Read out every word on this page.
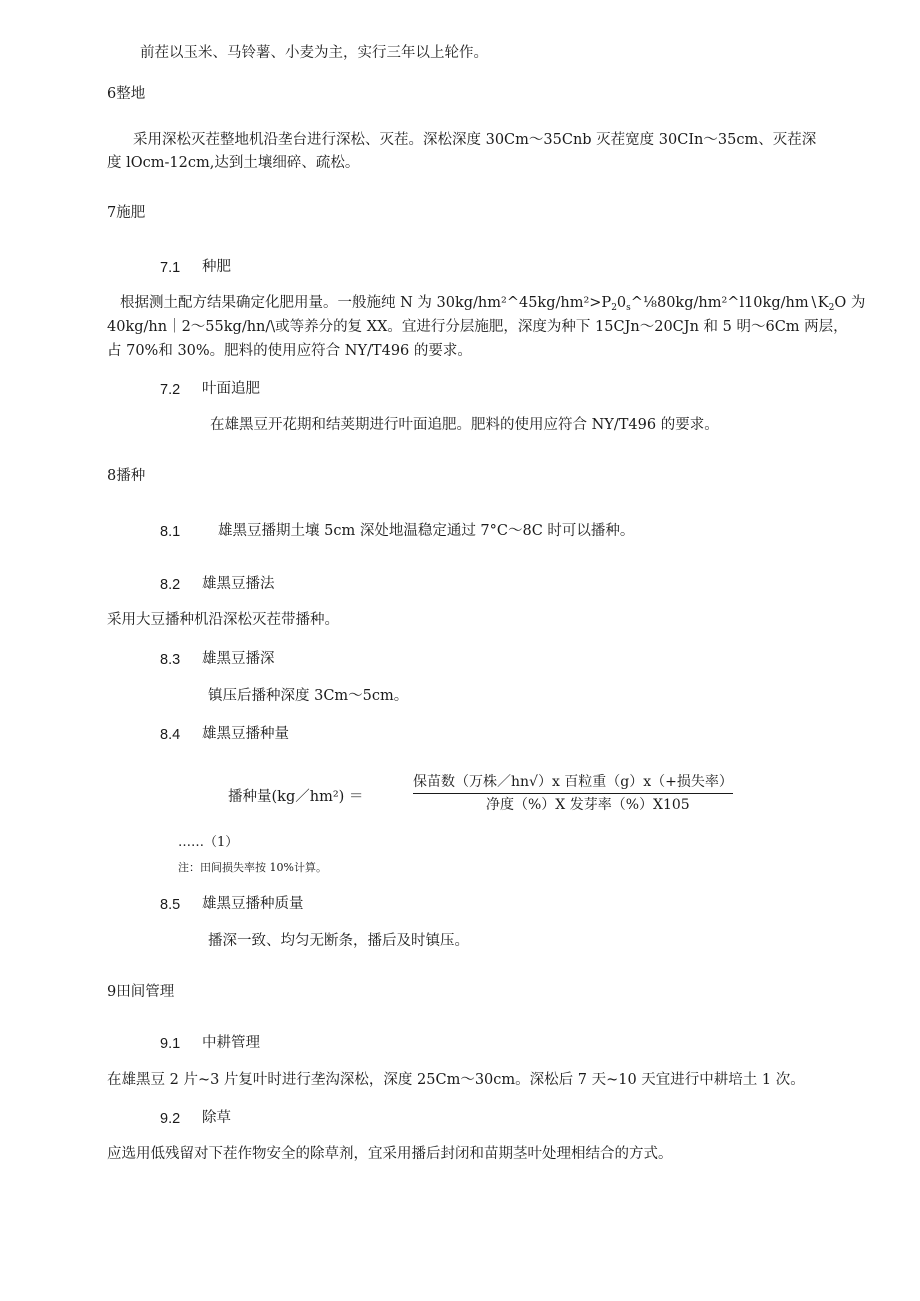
前茬以玉米、马铃薯、小麦为主，实行三年以上轮作。
6整地
采用深松灭茬整地机沿垄台进行深松、灭茬。深松深度 30Cm～35Cnb 灭茬宽度 30CIn～35cm、灭茬深
度 lOcm-12cm,达到土壤细碎、疏松。
7施肥
7.1 种肥
根据测土配方结果确定化肥用量。一般施纯 N 为 $30kg∕hm^2\^{}45kg∕hm^2>P_20_s\^{}\frac{1}{8}80kg∕hm^2\^{}l10kg∕hm∖K_2O$ 为
40kg∕hn｜2～55kg∕hn∕\或等养分的复 XX。宜进行分层施肥，深度为种下 15CJn～20CJn 和 5 明～6Cm 两层，
占 70%和 30%。肥料的使用应符合 NY/T496 的要求。
7.2 叶面追肥
在雄黑豆开花期和结荚期进行叶面追肥。肥料的使用应符合 NY/T496 的要求。
8播种
8.1	雄黑豆播期土壤 5cm 深处地温稳定通过 7°C～8C 时可以播种。
8.2 雄黑豆播法
采用大豆播种机沿深松灭茬带播种。
8.3 雄黑豆播深
镇压后播种深度 3Cm～5cm。
8.4 雄黑豆播种量
播种量(kg／hm²) ＝
保苗数（万株／hn√）x 百粒重（g）x（+损失率）
净度（%）X 发芽率（%）X105
……（1）
注：田间损失率按 10%计算。
8.5 雄黑豆播种质量
播深一致、均匀无断条，播后及时镇压。
9田间管理
9.1 中耕管理
在雄黑豆 2 片~3 片复叶时进行垄沟深松，深度 25Cm～30cm。深松后 7 天~10 天宜进行中耕培土 1 次。
9.2 除草
应选用低残留对下茬作物安全的除草剂，宜采用播后封闭和苗期茎叶处理相结合的方式。
